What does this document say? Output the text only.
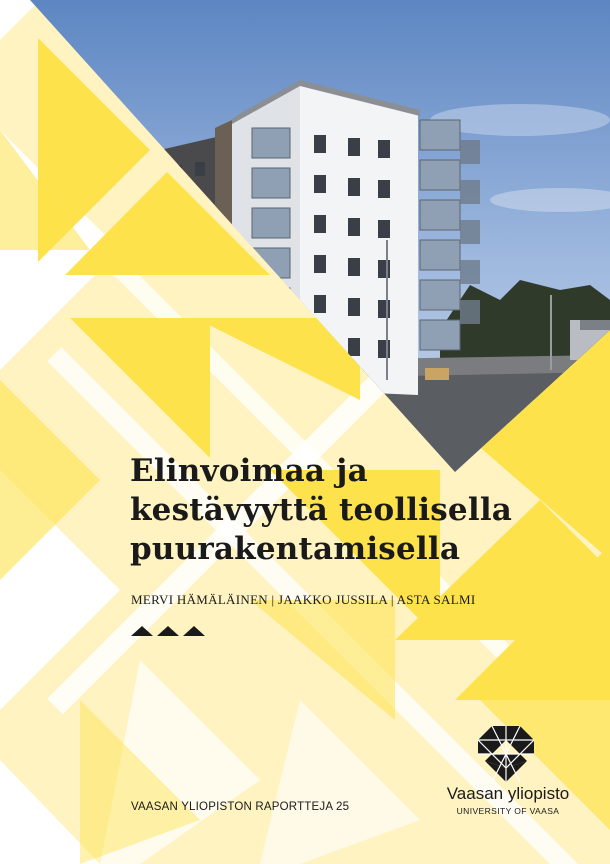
Elinvoimaa ja
kestävyyttä teollisella
puurakentamisella
MERVI HÄMÄLÄINEN | JAAKKO JUSSILA | ASTA SALMI
VAASAN YLIOPISTON RAPORTTEJA 25
Vaasan yliopisto
UNIVERSITY OF VAASA
